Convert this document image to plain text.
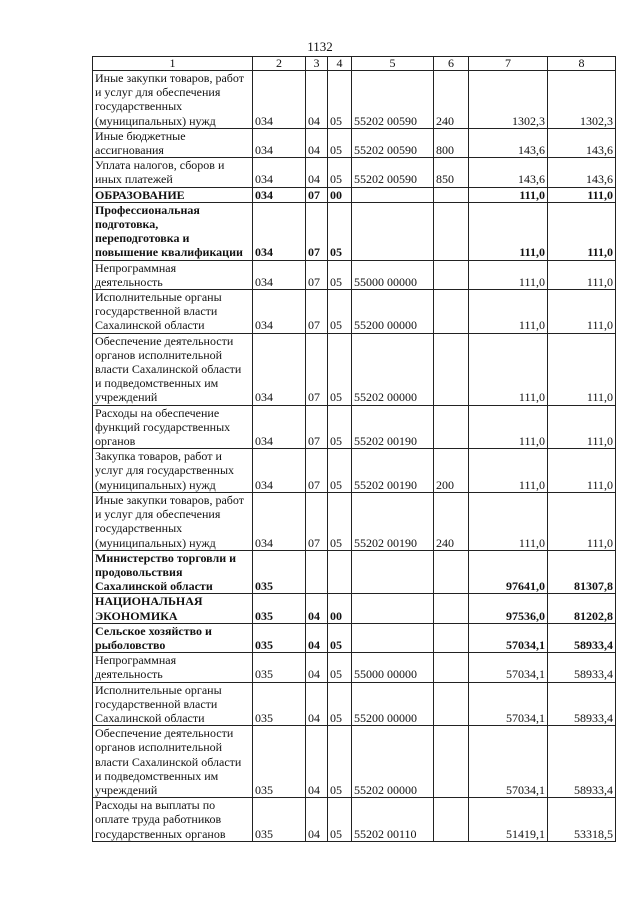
1132
1	2	3	4	5	6	7	8

Иные закупки товаров, работ
и услуг для обеспечения
государственных
(муниципальных) нужд	034	04	05	55202 00590	240	1302,3	1302,3

Иные бюджетные
ассигнования	034	04	05	55202 00590	800	143,6	143,6

Уплата налогов, сборов и
иных платежей	034	04	05	55202 00590	850	143,6	143,6

ОБРАЗОВАНИЕ	034	07	00			111,0	111,0

Профессиональная
подготовка,
переподготовка и
повышение квалификации	034	07	05			111,0	111,0

Непрограммная
деятельность	034	07	05	55000 00000		111,0	111,0

Исполнительные органы
государственной власти
Сахалинской области	034	07	05	55200 00000		111,0	111,0

Обеспечение деятельности
органов исполнительной
власти Сахалинской области
и подведомственных им
учреждений	034	07	05	55202 00000		111,0	111,0

Расходы на обеспечение
функций государственных
органов	034	07	05	55202 00190		111,0	111,0

Закупка товаров, работ и
услуг для государственных
(муниципальных) нужд	034	07	05	55202 00190	200	111,0	111,0

Иные закупки товаров, работ
и услуг для обеспечения
государственных
(муниципальных) нужд	034	07	05	55202 00190	240	111,0	111,0

Министерство торговли и
продовольствия
Сахалинской области	035					97641,0	81307,8

НАЦИОНАЛЬНАЯ
ЭКОНОМИКА	035	04	00			97536,0	81202,8

Сельское хозяйство и
рыболовство	035	04	05			57034,1	58933,4

Непрограммная
деятельность	035	04	05	55000 00000		57034,1	58933,4

Исполнительные органы
государственной власти
Сахалинской области	035	04	05	55200 00000		57034,1	58933,4

Обеспечение деятельности
органов исполнительной
власти Сахалинской области
и подведомственных им
учреждений	035	04	05	55202 00000		57034,1	58933,4

Расходы на выплаты по
оплате труда работников
государственных органов	035	04	05	55202 00110		51419,1	53318,5
